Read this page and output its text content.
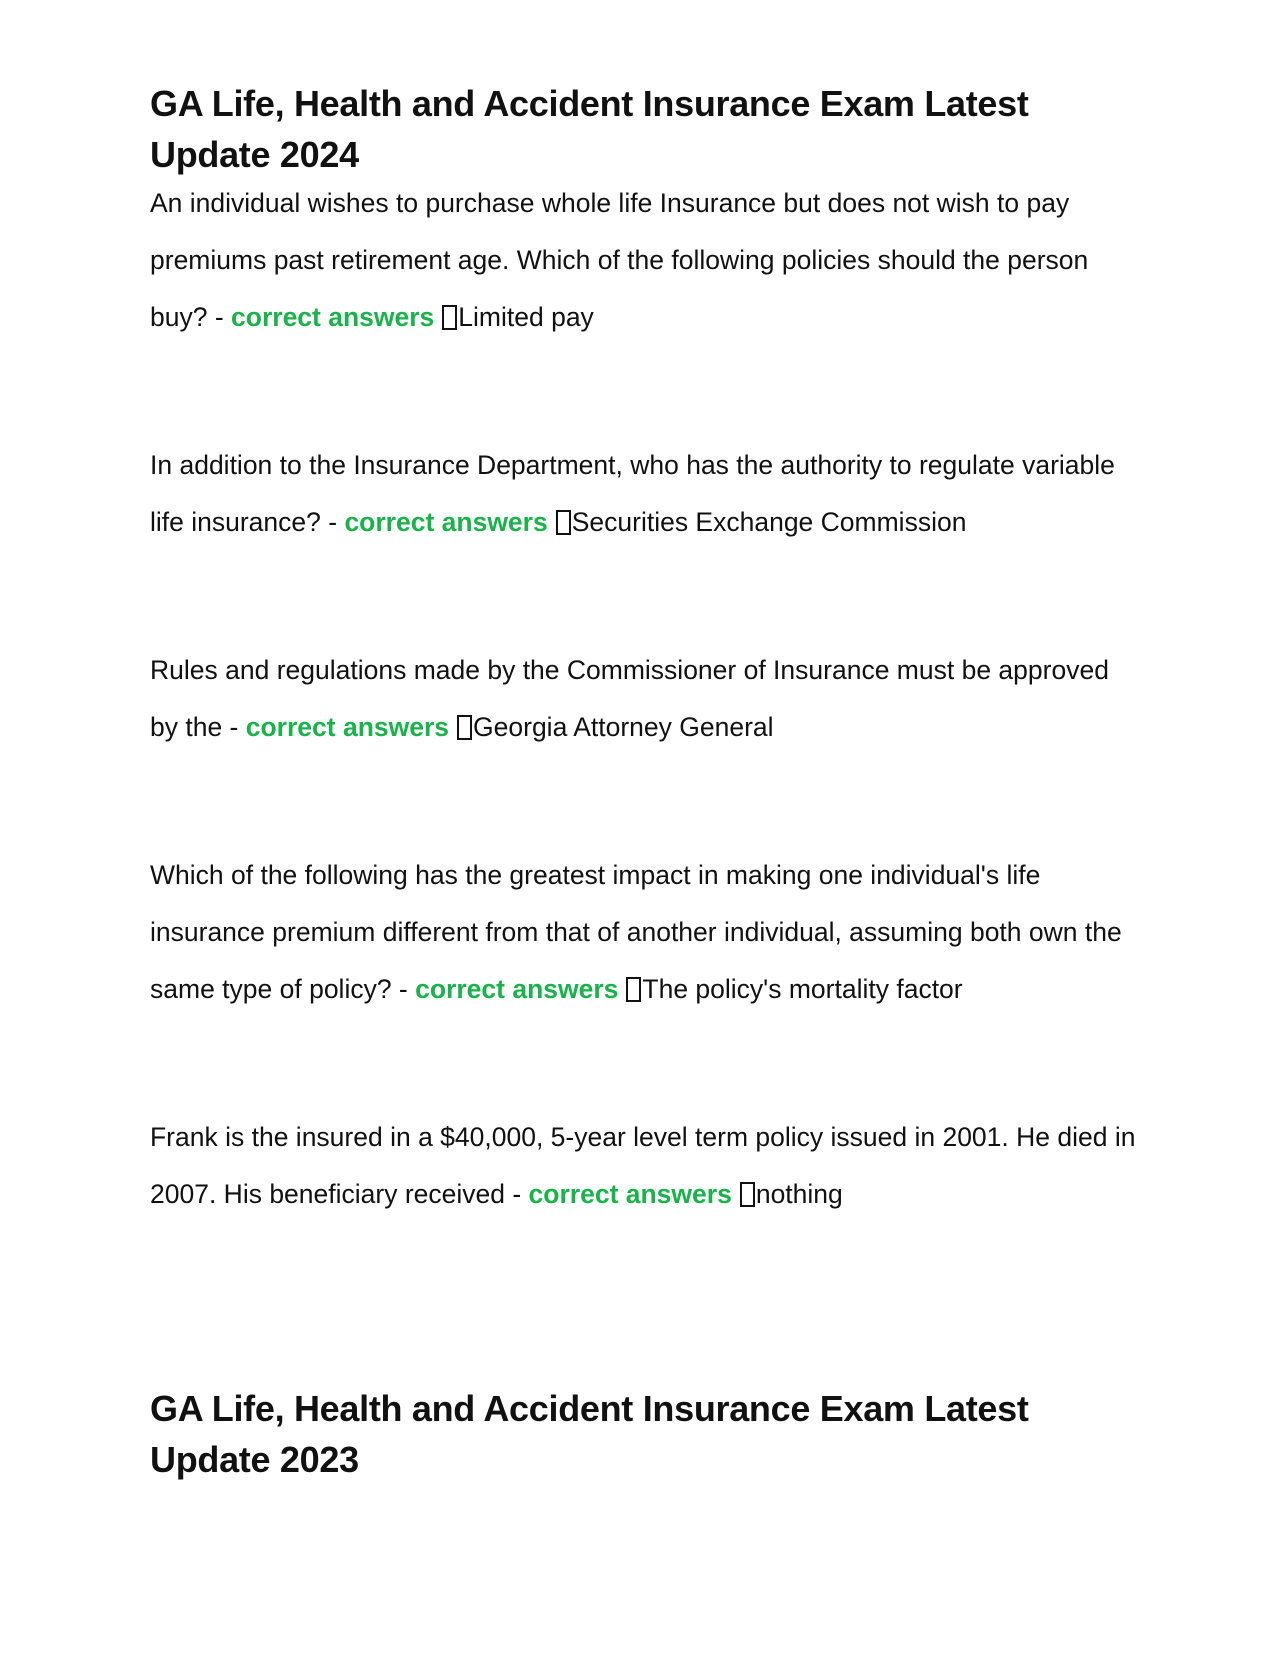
GA Life, Health and Accident Insurance Exam Latest Update 2024

An individual wishes to purchase whole life Insurance but does not wish to pay premiums past retirement age. Which of the following policies should the person buy? - correct answers Limited pay

In addition to the Insurance Department, who has the authority to regulate variable life insurance? - correct answers Securities Exchange Commission

Rules and regulations made by the Commissioner of Insurance must be approved by the - correct answers Georgia Attorney General

Which of the following has the greatest impact in making one individual's life insurance premium different from that of another individual, assuming both own the same type of policy? - correct answers The policy's mortality factor

Frank is the insured in a $40,000, 5-year level term policy issued in 2001. He died in 2007. His beneficiary received - correct answers nothing

GA Life, Health and Accident Insurance Exam Latest Update 2023
